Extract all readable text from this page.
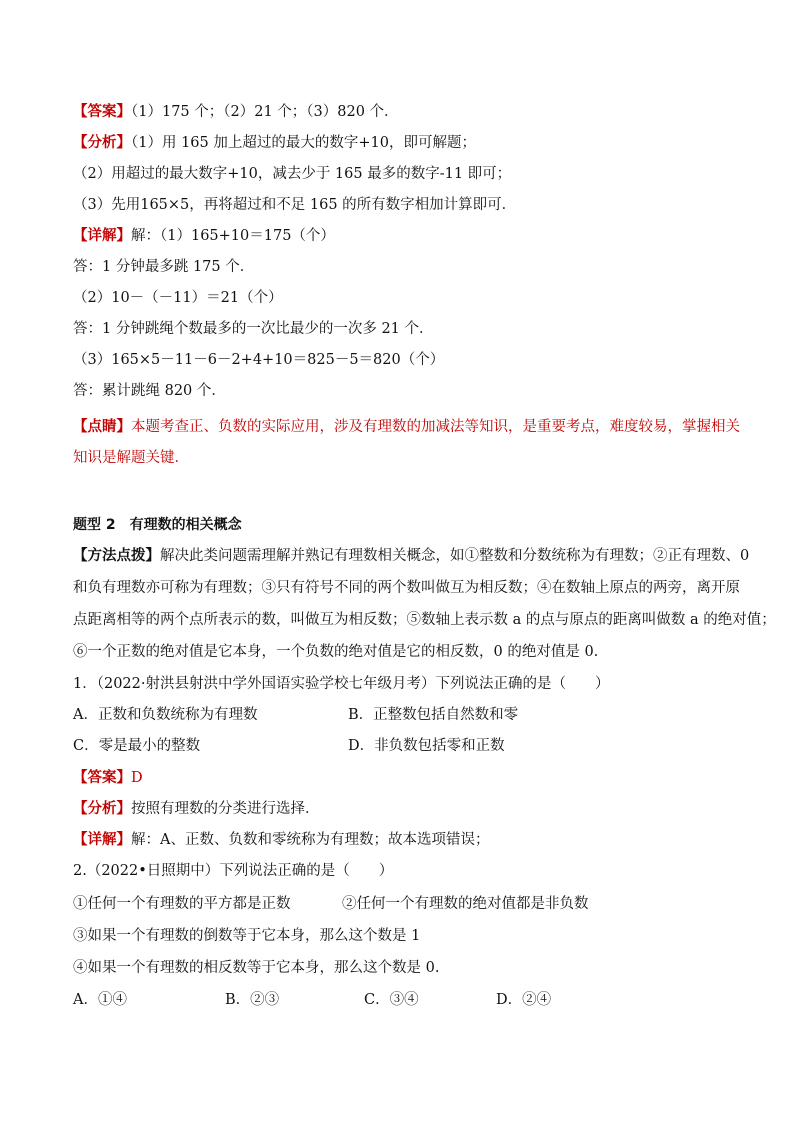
【答案】（1）175 个；（2）21 个；（3）820 个．
【分析】（1）用 165 加上超过的最大的数字+10，即可解题；
（2）用超过的最大数字+10，减去少于 165 最多的数字-11 即可；
（3）先用165×5，再将超过和不足 165 的所有数字相加计算即可．
【详解】解：（1）165+10＝175（个）
答：1 分钟最多跳 175 个．
（2）10－（－11）＝21（个）
答：1 分钟跳绳个数最多的一次比最少的一次多 21 个．
（3）165×5－11－6－2+4+10＝825－5＝820（个）
答：累计跳绳 820 个．
【点睛】本题考查正、负数的实际应用，涉及有理数的加减法等知识，是重要考点，难度较易，掌握相关
知识是解题关键．
题型 2　有理数的相关概念
【方法点拨】解决此类问题需理解并熟记有理数相关概念，如①整数和分数统称为有理数；②正有理数、0
和负有理数亦可称为有理数；③只有符号不同的两个数叫做互为相反数；④在数轴上原点的两旁，离开原
点距离相等的两个点所表示的数，叫做互为相反数；⑤数轴上表示数 a 的点与原点的距离叫做数 a 的绝对值；
⑥一个正数的绝对值是它本身，一个负数的绝对值是它的相反数，0 的绝对值是 0.
1．（2022·射洪县射洪中学外国语实验学校七年级月考）下列说法正确的是（　　）
A．正数和负数统称为有理数	B．正整数包括自然数和零
C．零是最小的整数	D．非负数包括零和正数
【答案】D
【分析】按照有理数的分类进行选择．
【详解】解：A、正数、负数和零统称为有理数；故本选项错误；
2.（2022•日照期中）下列说法正确的是（　　）
①任何一个有理数的平方都是正数	②任何一个有理数的绝对值都是非负数
③如果一个有理数的倒数等于它本身，那么这个数是 1
④如果一个有理数的相反数等于它本身，那么这个数是 0.
A．①④	B．②③	C．③④	D．②④
